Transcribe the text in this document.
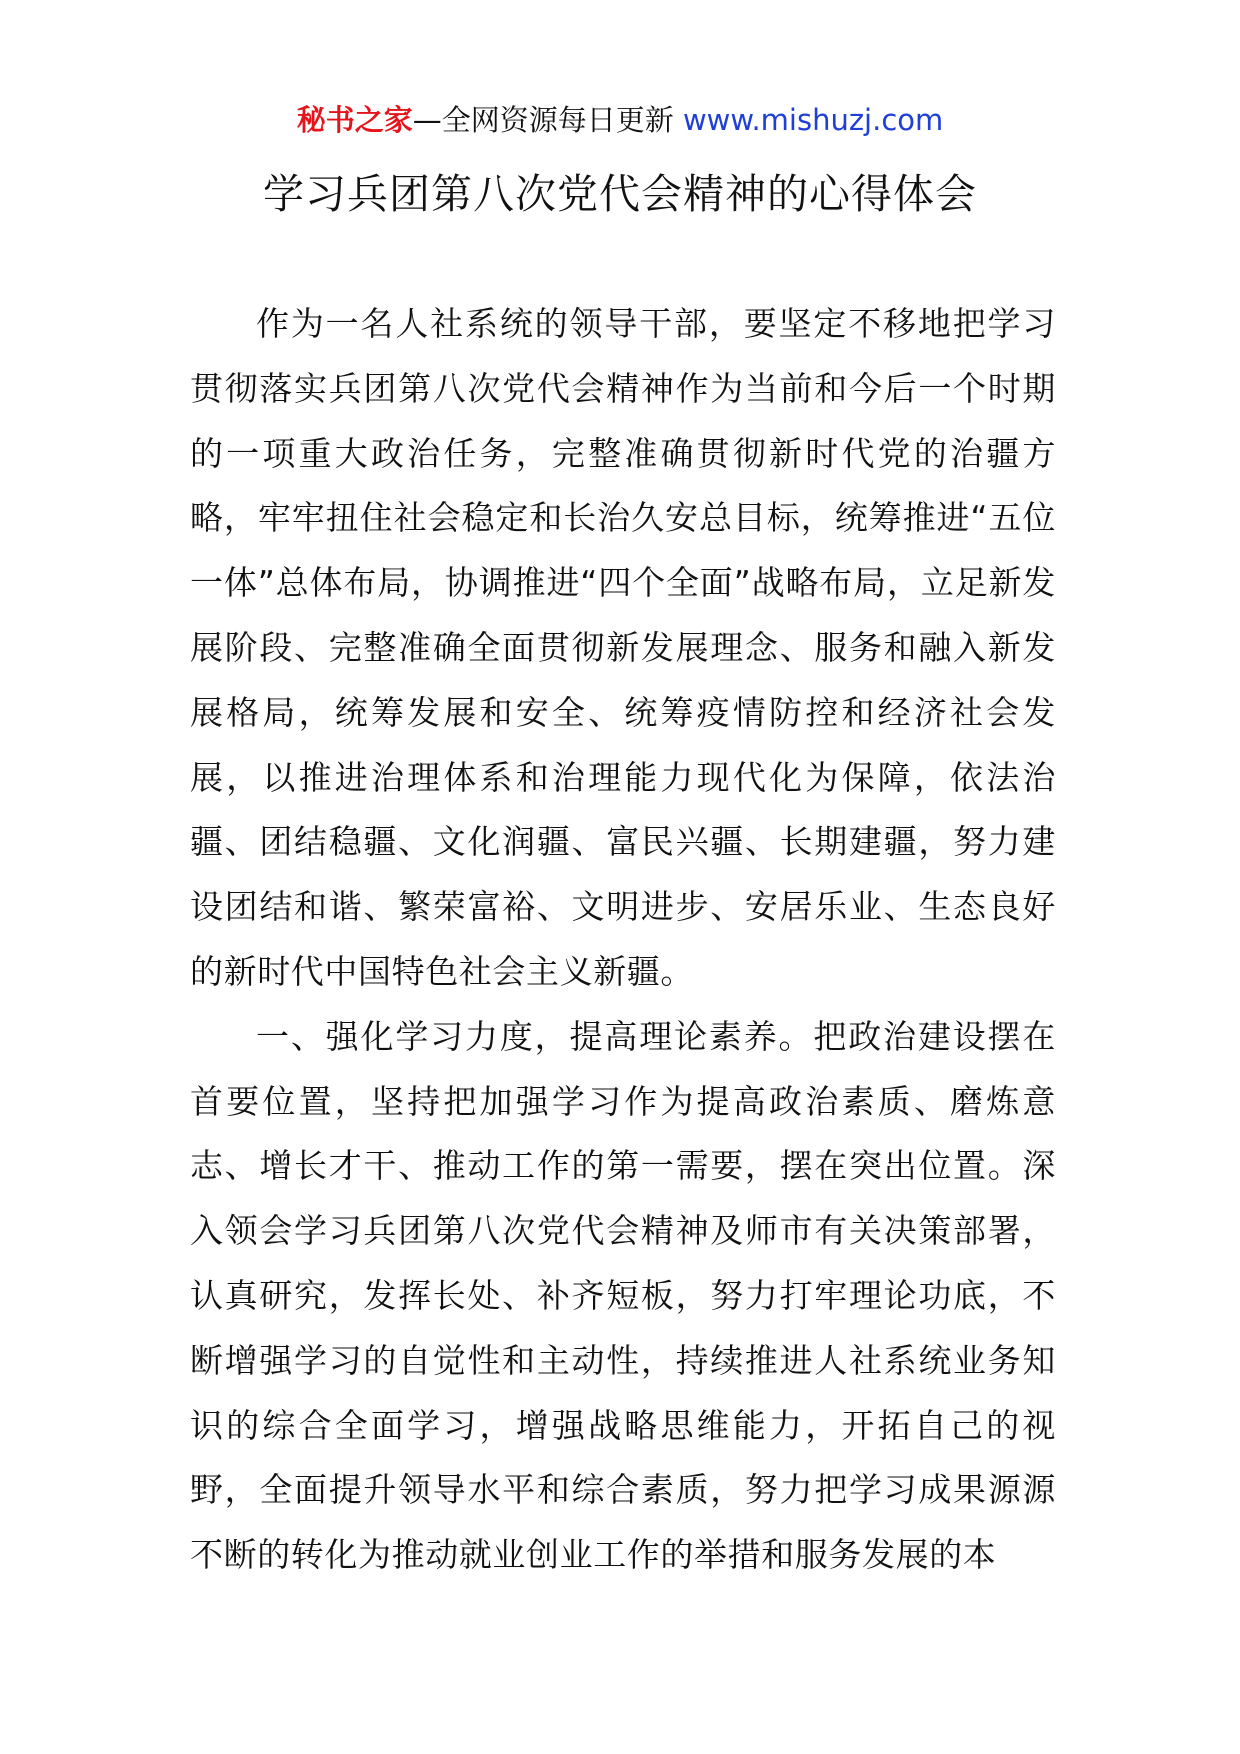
秘书之家—全网资源每日更新 www.mishuzj.com
学习兵团第八次党代会精神的心得体会

作为一名人社系统的领导干部，要坚定不移地把学习贯彻落实兵团第八次党代会精神作为当前和今后一个时期的一项重大政治任务，完整准确贯彻新时代党的治疆方略，牢牢扭住社会稳定和长治久安总目标，统筹推进“五位一体”总体布局，协调推进“四个全面”战略布局，立足新发展阶段、完整准确全面贯彻新发展理念、服务和融入新发展格局，统筹发展和安全、统筹疫情防控和经济社会发展，以推进治理体系和治理能力现代化为保障，依法治疆、团结稳疆、文化润疆、富民兴疆、长期建疆，努力建设团结和谐、繁荣富裕、文明进步、安居乐业、生态良好的新时代中国特色社会主义新疆。

一、强化学习力度，提高理论素养。把政治建设摆在首要位置，坚持把加强学习作为提高政治素质、磨炼意志、增长才干、推动工作的第一需要，摆在突出位置。深入领会学习兵团第八次党代会精神及师市有关决策部署，认真研究，发挥长处、补齐短板，努力打牢理论功底，不断增强学习的自觉性和主动性，持续推进人社系统业务知识的综合全面学习，增强战略思维能力，开拓自己的视野，全面提升领导水平和综合素质，努力把学习成果源源不断的转化为推动就业创业工作的举措和服务发展的本
